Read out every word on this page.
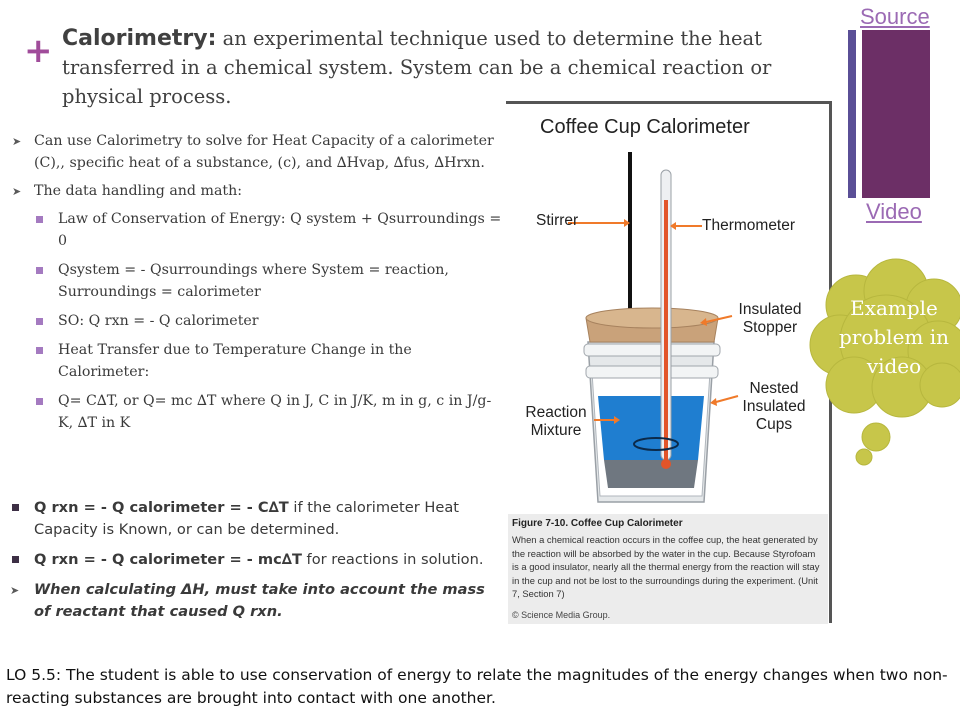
+ Calorimetry: an experimental technique used to determine the heat transferred in a chemical system. System can be a chemical reaction or physical process.
➤ Can use Calorimetry to solve for Heat Capacity of a calorimeter (C),, specific heat of a substance, (c), and ∆Hvap, ∆fus, ∆Hrxn.
➤ The data handling and math:
Law of Conservation of Energy: Q system + Qsurroundings = 0
Qsystem = - Qsurroundings where System = reaction, Surroundings = calorimeter
SO: Q rxn = - Q calorimeter
Heat Transfer due to Temperature Change in the Calorimeter:
Q= C∆T, or Q= mc ∆T where Q in J, C in J/K, m in g, c in J/g-K, ∆T in K
Q rxn = - Q calorimeter = - C∆T if the calorimeter Heat Capacity is Known, or can be determined.
Q rxn = - Q calorimeter = - mc∆T for reactions in solution.
➤ When calculating ΔH, must take into account the mass of reactant that caused Q rxn.
LO 5.5: The student is able to use conservation of energy to relate the magnitudes of the energy changes when two non-reacting substances are brought into contact with one another.
Source
Video
Coffee Cup Calorimeter
Stirrer	Thermometer
Insulated Stopper
Nested Insulated Cups
Reaction Mixture
Figure 7-10. Coffee Cup Calorimeter
When a chemical reaction occurs in the coffee cup, the heat generated by the reaction will be absorbed by the water in the cup. Because Styrofoam is a good insulator, nearly all the thermal energy from the reaction will stay in the cup and not be lost to the surroundings during the experiment. (Unit 7, Section 7)
© Science Media Group.
Example problem in video
